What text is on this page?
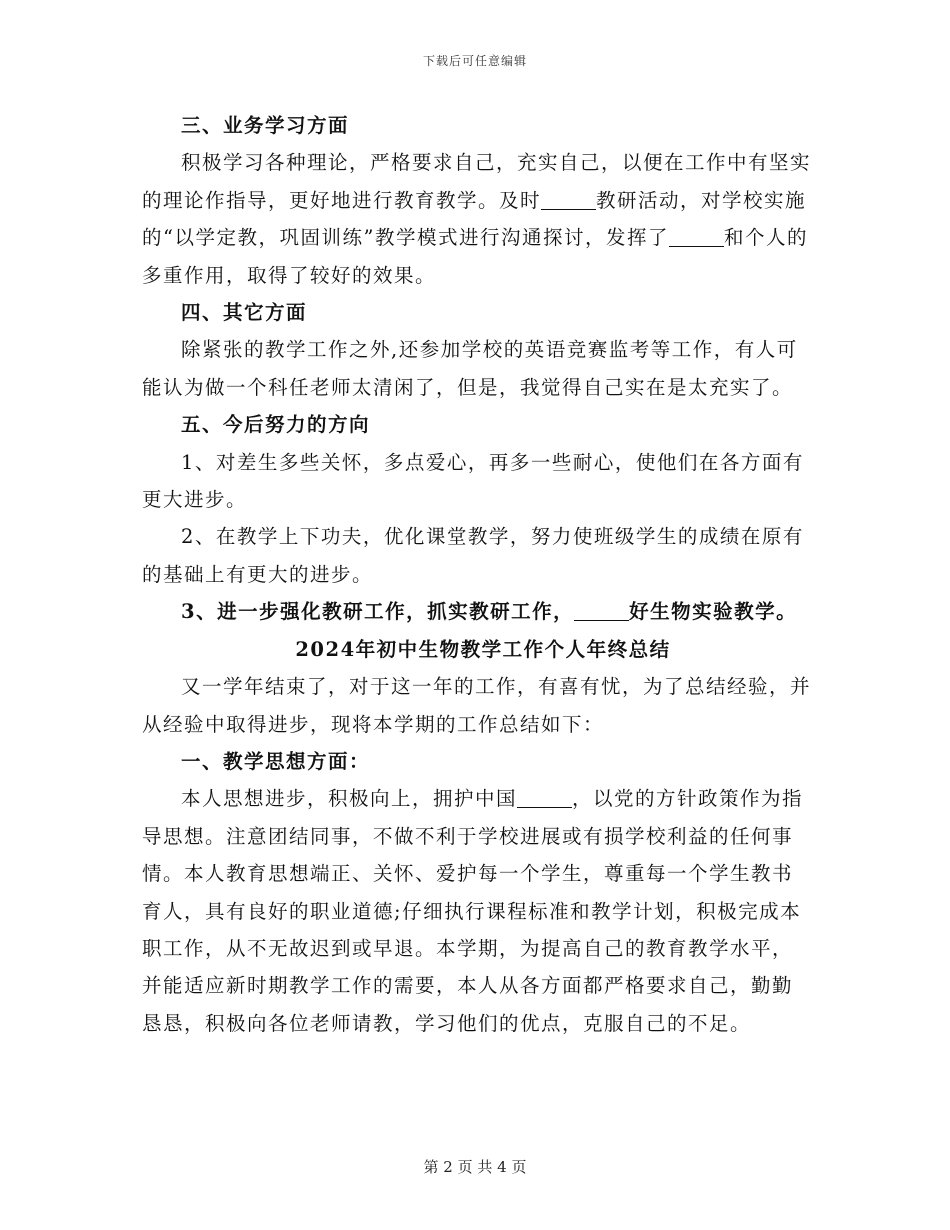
下载后可任意编辑

三、业务学习方面

积极学习各种理论，严格要求自己，充实自己，以便在工作中有坚实的理论作指导，更好地进行教育教学。及时	教研活动，对学校实施的“以学定教，巩固训练”教学模式进行沟通探讨，发挥了	和个人的多重作用，取得了较好的效果。

四、其它方面

除紧张的教学工作之外,还参加学校的英语竞赛监考等工作，有人可能认为做一个科任老师太清闲了，但是，我觉得自己实在是太充实了。

五、今后努力的方向

1、对差生多些关怀，多点爱心，再多一些耐心，使他们在各方面有更大进步。

2、在教学上下功夫，优化课堂教学，努力使班级学生的成绩在原有的基础上有更大的进步。

3、进一步强化教研工作，抓实教研工作，	好生物实验教学。

2024年初中生物教学工作个人年终总结

又一学年结束了，对于这一年的工作，有喜有忧，为了总结经验，并从经验中取得进步，现将本学期的工作总结如下：

一、教学思想方面：

本人思想进步，积极向上，拥护中国	，以党的方针政策作为指导思想。注意团结同事，不做不利于学校进展或有损学校利益的任何事情。本人教育思想端正、关怀、爱护每一个学生，尊重每一个学生教书育人，具有良好的职业道德;仔细执行课程标准和教学计划，积极完成本职工作，从不无故迟到或早退。本学期，为提高自己的教育教学水平，并能适应新时期教学工作的需要，本人从各方面都严格要求自己，勤勤恳恳，积极向各位老师请教，学习他们的优点，克服自己的不足。

第 2 页 共 4 页
